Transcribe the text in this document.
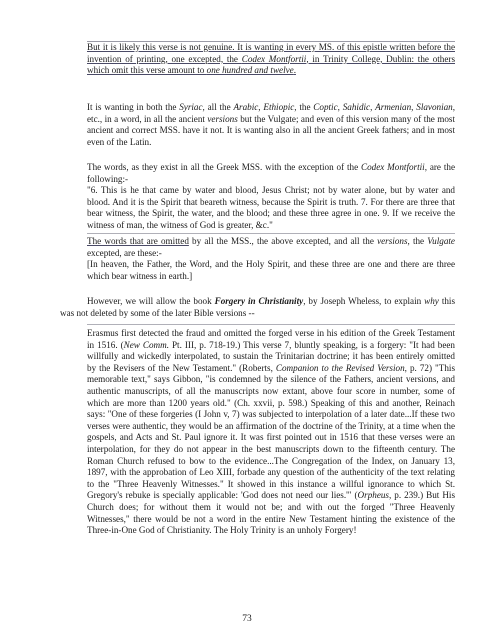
But it is likely this verse is not genuine. It is wanting in every MS. of this epistle written before the invention of printing, one excepted, the Codex Montfortii, in Trinity College, Dublin: the others which omit this verse amount to one hundred and twelve.

It is wanting in both the Syriac, all the Arabic, Ethiopic, the Coptic, Sahidic, Armenian, Slavonian, etc., in a word, in all the ancient versions but the Vulgate; and even of this version many of the most ancient and correct MSS. have it not. It is wanting also in all the ancient Greek fathers; and in most even of the Latin.

The words, as they exist in all the Greek MSS. with the exception of the Codex Montfortii, are the following:-
"6. This is he that came by water and blood, Jesus Christ; not by water alone, but by water and blood. And it is the Spirit that beareth witness, because the Spirit is truth. 7. For there are three that bear witness, the Spirit, the water, and the blood; and these three agree in one. 9. If we receive the witness of man, the witness of God is greater, &c."

The words that are omitted by all the MSS., the above excepted, and all the versions, the Vulgate excepted, are these:-
[In heaven, the Father, the Word, and the Holy Spirit, and these three are one and there are three which bear witness in earth.]

However, we will allow the book Forgery in Christianity, by Joseph Wheless, to explain why this was not deleted by some of the later Bible versions --

Erasmus first detected the fraud and omitted the forged verse in his edition of the Greek Testament in 1516. (New Comm. Pt. III, p. 718-19.) This verse 7, bluntly speaking, is a forgery: "It had been willfully and wickedly interpolated, to sustain the Trinitarian doctrine; it has been entirely omitted by the Revisers of the New Testament." (Roberts, Companion to the Revised Version, p. 72) "This memorable text," says Gibbon, "is condemned by the silence of the Fathers, ancient versions, and authentic manuscripts, of all the manuscripts now extant, above four score in number, some of which are more than 1200 years old." (Ch. xxvii, p. 598.) Speaking of this and another, Reinach says: "One of these forgeries (I John v, 7) was subjected to interpolation of a later date...If these two verses were authentic, they would be an affirmation of the doctrine of the Trinity, at a time when the gospels, and Acts and St. Paul ignore it. It was first pointed out in 1516 that these verses were an interpolation, for they do not appear in the best manuscripts down to the fifteenth century. The Roman Church refused to bow to the evidence...The Congregation of the Index, on January 13, 1897, with the approbation of Leo XIII, forbade any question of the authenticity of the text relating to the "Three Heavenly Witnesses." It showed in this instance a willful ignorance to which St. Gregory's rebuke is specially applicable: 'God does not need our lies.'" (Orpheus, p. 239.) But His Church does; for without them it would not be; and with out the forged "Three Heavenly Witnesses," there would be not a word in the entire New Testament hinting the existence of the Three-in-One God of Christianity. The Holy Trinity is an unholy Forgery!

73
